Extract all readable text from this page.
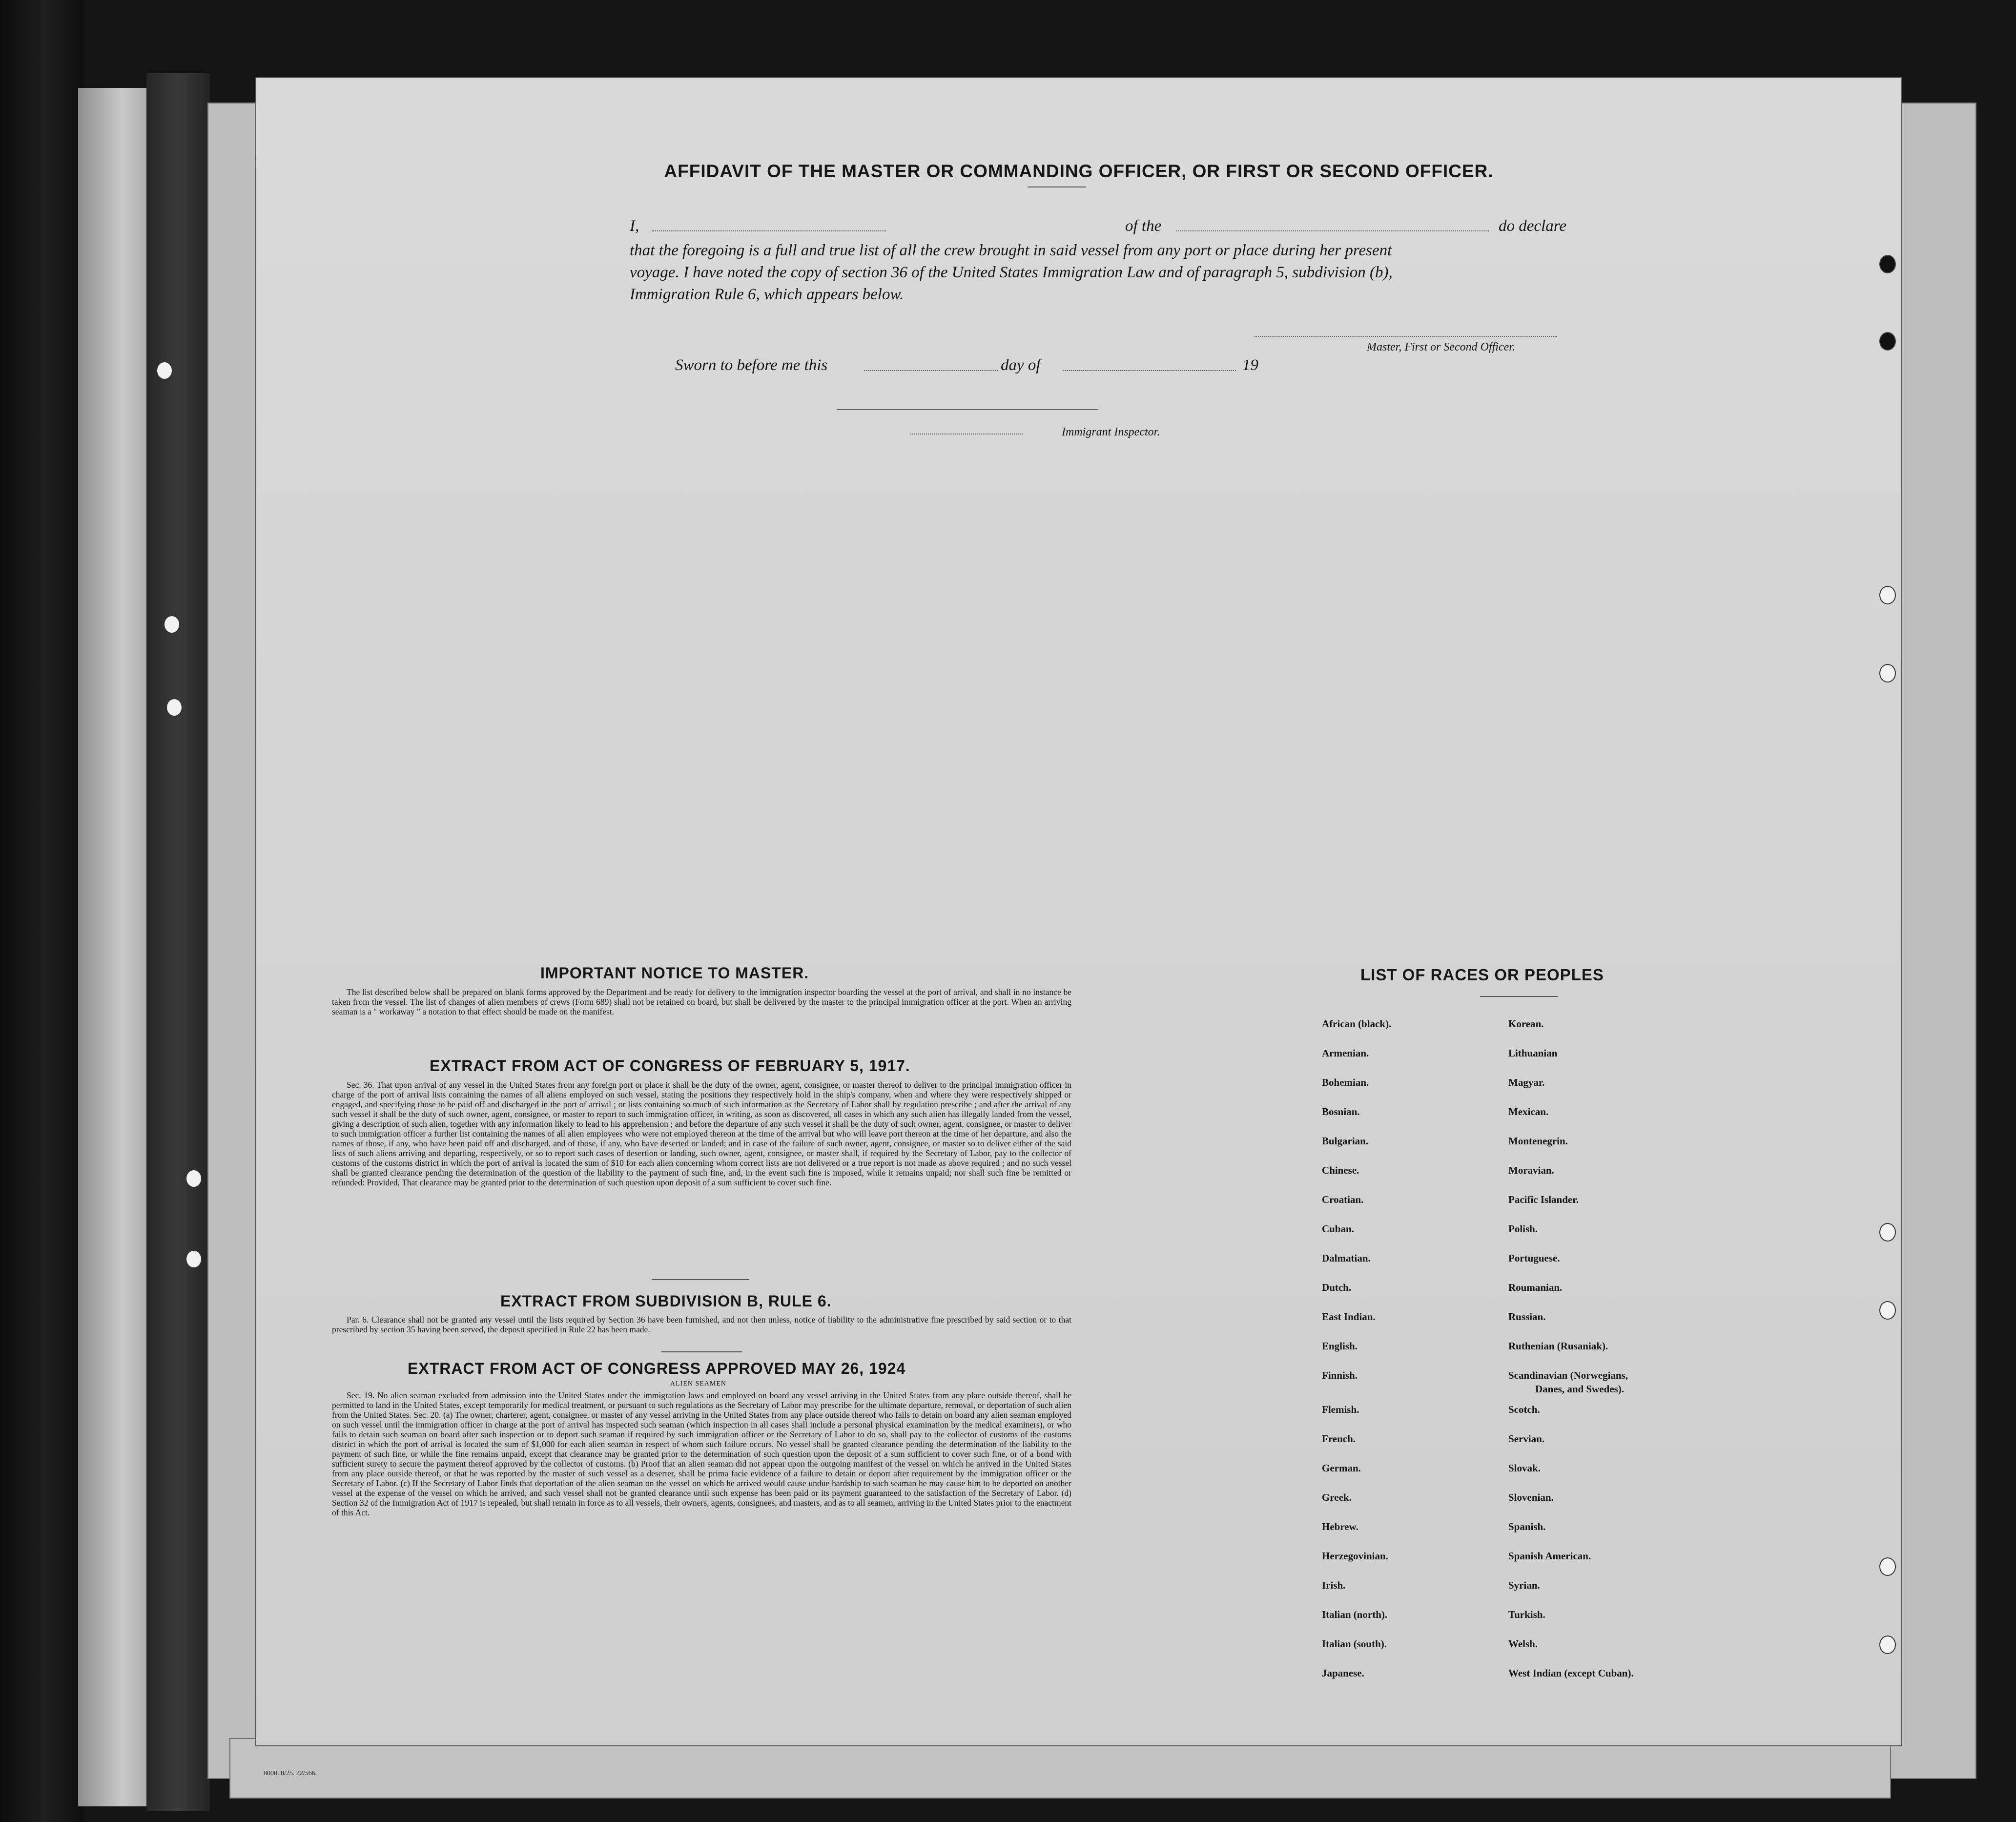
AFFIDAVIT OF THE MASTER OR COMMANDING OFFICER, OR FIRST OR SECOND OFFICER.
I,	of the	do declare
that the foregoing is a full and true list of all the crew brought in said vessel from any port or place during her present
voyage. I have noted the copy of section 36 of the United States Immigration Law and of paragraph 5, subdivision (b),
Immigration Rule 6, which appears below.
Master, First or Second Officer.
Sworn to before me this	day of	19
Immigrant Inspector.
IMPORTANT NOTICE TO MASTER.
The list described below shall be prepared on blank forms approved by the Department and be ready for delivery to the immigration inspector boarding the vessel at the port of arrival, and shall in no instance be taken from the vessel. The list of changes of alien members of crews (Form 689) shall not be retained on board, but shall be delivered by the master to the principal immigration officer at the port. When an arriving seaman is a " workaway " a notation to that effect should be made on the manifest.
EXTRACT FROM ACT OF CONGRESS OF FEBRUARY 5, 1917.
Sec. 36. That upon arrival of any vessel in the United States from any foreign port or place it shall be the duty of the owner, agent, consignee, or master thereof to deliver to the principal immigration officer in charge of the port of arrival lists containing the names of all aliens employed on such vessel, stating the positions they respectively hold in the ship's company, when and where they were respectively shipped or engaged, and specifying those to be paid off and discharged in the port of arrival ; or lists containing so much of such information as the Secretary of Labor shall by regulation prescribe ; and after the arrival of any such vessel it shall be the duty of such owner, agent, consignee, or master to report to such immigration officer, in writing, as soon as discovered, all cases in which any such alien has illegally landed from the vessel, giving a description of such alien, together with any information likely to lead to his apprehension ; and before the departure of any such vessel it shall be the duty of such owner, agent, consignee, or master to deliver to such immigration officer a further list containing the names of all alien employees who were not employed thereon at the time of the arrival but who will leave port thereon at the time of her departure, and also the names of those, if any, who have been paid off and discharged, and of those, if any, who have deserted or landed; and in case of the failure of such owner, agent, consignee, or master so to deliver either of the said lists of such aliens arriving and departing, respectively, or so to report such cases of desertion or landing, such owner, agent, consignee, or master shall, if required by the Secretary of Labor, pay to the collector of customs of the customs district in which the port of arrival is located the sum of $10 for each alien concerning whom correct lists are not delivered or a true report is not made as above required ; and no such vessel shall be granted clearance pending the determination of the question of the liability to the payment of such fine, and, in the event such fine is imposed, while it remains unpaid; nor shall such fine be remitted or refunded: Provided, That clearance may be granted prior to the determination of such question upon deposit of a sum sufficient to cover such fine.
EXTRACT FROM SUBDIVISION B, RULE 6.
Par. 6. Clearance shall not be granted any vessel until the lists required by Section 36 have been furnished, and not then unless, notice of liability to the administrative fine prescribed by said section or to that prescribed by section 35 having been served, the deposit specified in Rule 22 has been made.
EXTRACT FROM ACT OF CONGRESS APPROVED MAY 26, 1924
ALIEN SEAMEN
Sec. 19. No alien seaman excluded from admission into the United States under the immigration laws and employed on board any vessel arriving in the United States from any place outside thereof, shall be permitted to land in the United States, except temporarily for medical treatment, or pursuant to such regulations as the Secretary of Labor may prescribe for the ultimate departure, removal, or deportation of such alien from the United States. Sec. 20. (a) The owner, charterer, agent, consignee, or master of any vessel arriving in the United States from any place outside thereof who fails to detain on board any alien seaman employed on such vessel until the immigration officer in charge at the port of arrival has inspected such seaman (which inspection in all cases shall include a personal physical examination by the medical examiners), or who fails to detain such seaman on board after such inspection or to deport such seaman if required by such immigration officer or the Secretary of Labor to do so, shall pay to the collector of customs of the customs district in which the port of arrival is located the sum of $1,000 for each alien seaman in respect of whom such failure occurs. No vessel shall be granted clearance pending the determination of the liability to the payment of such fine, or while the fine remains unpaid, except that clearance may be granted prior to the determination of such question upon the deposit of a sum sufficient to cover such fine, or of a bond with sufficient surety to secure the payment thereof approved by the collector of customs. (b) Proof that an alien seaman did not appear upon the outgoing manifest of the vessel on which he arrived in the United States from any place outside thereof, or that he was reported by the master of such vessel as a deserter, shall be prima facie evidence of a failure to detain or deport after requirement by the immigration officer or the Secretary of Labor. (c) If the Secretary of Labor finds that deportation of the alien seaman on the vessel on which he arrived would cause undue hardship to such seaman he may cause him to be deported on another vessel at the expense of the vessel on which he arrived, and such vessel shall not be granted clearance until such expense has been paid or its payment guaranteed to the satisfaction of the Secretary of Labor. (d) Section 32 of the Immigration Act of 1917 is repealed, but shall remain in force as to all vessels, their owners, agents, consignees, and masters, and as to all seamen, arriving in the United States prior to the enactment of this Act.
LIST OF RACES OR PEOPLES
African (black).
Armenian.
Bohemian.
Bosnian.
Bulgarian.
Chinese.
Croatian.
Cuban.
Dalmatian.
Dutch.
East Indian.
English.
Finnish.
Flemish.
French.
German.
Greek.
Hebrew.
Herzegovinian.
Irish.
Italian (north).
Italian (south).
Japanese.
Korean.
Lithuanian
Magyar.
Mexican.
Montenegrin.
Moravian.
Pacific Islander.
Polish.
Portuguese.
Roumanian.
Russian.
Ruthenian (Rusaniak).
Scandinavian (Norwegians,
Danes, and Swedes).
Scotch.
Servian.
Slovak.
Slovenian.
Spanish.
Spanish American.
Syrian.
Turkish.
Welsh.
West Indian (except Cuban).
8000. 8/25. 22/566.
